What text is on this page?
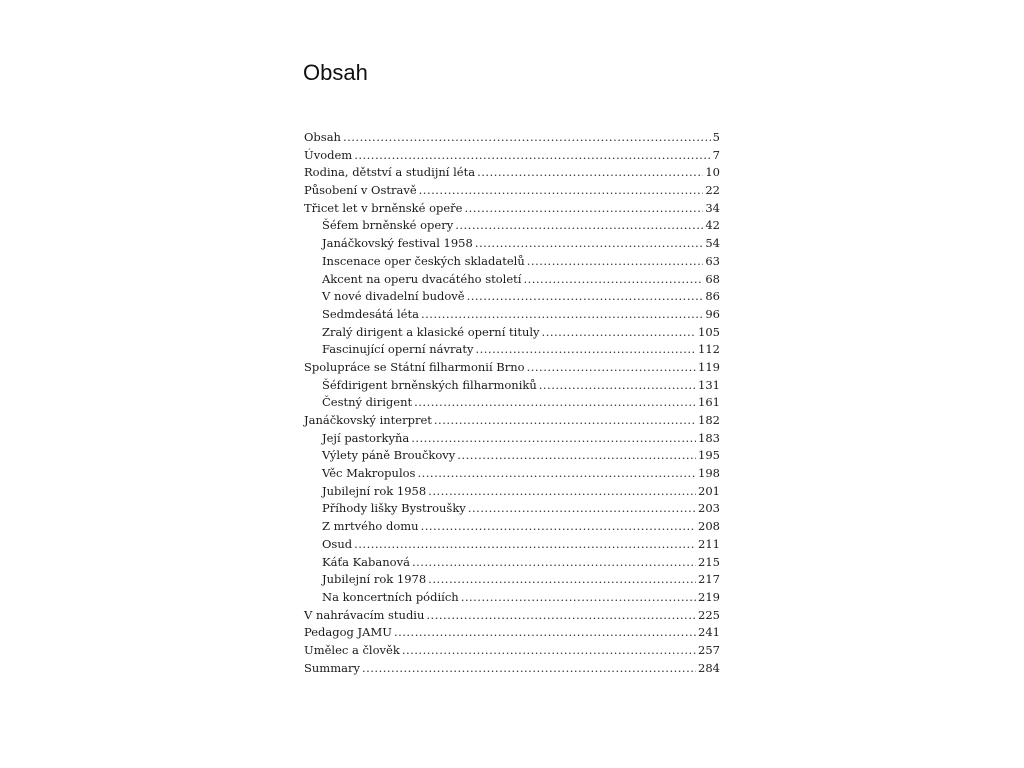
Obsah
Obsah .....	5
Úvodem .....	7
Rodina, dětství a studijní léta .....	10
Působení v Ostravě .....	22
Třicet let v brněnské opeře .....	34
Šéfem brněnské opery .....	42
Janáčkovský festival 1958 .....	54
Inscenace oper českých skladatelů .....	63
Akcent na operu dvacátého století .....	68
V nové divadelní budově .....	86
Sedmdesátá léta .....	96
Zralý dirigent a klasické operní tituly .....	105
Fascinující operní návraty .....	112
Spolupráce se Státní filharmonií Brno .....	119
Šéfdirigent brněnských filharmoniků .....	131
Čestný dirigent .....	161
Janáčkovský interpret .....	182
Její pastorkyňa .....	183
Výlety páně Broučkovy .....	195
Věc Makropulos .....	198
Jubilejní rok 1958 .....	201
Příhody lišky Bystroušky .....	203
Z mrtvého domu .....	208
Osud .....	211
Káťa Kabanová .....	215
Jubilejní rok 1978 .....	217
Na koncertních pódiích .....	219
V nahrávacím studiu .....	225
Pedagog JAMU .....	241
Umělec a člověk .....	257
Summary .....	284
